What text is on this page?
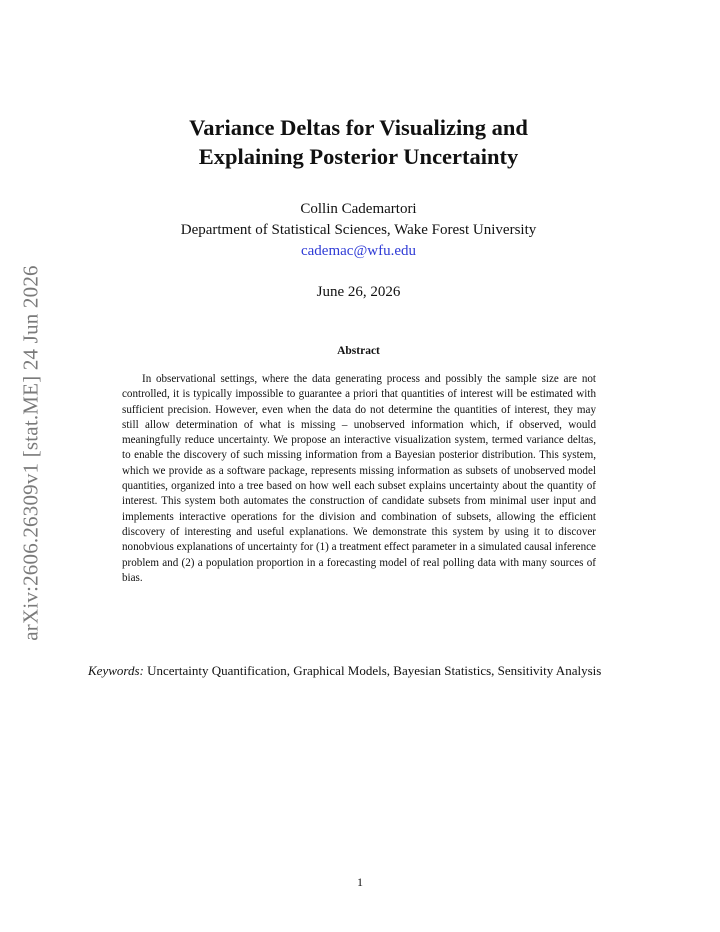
arXiv:2606.26309v1 [stat.ME] 24 Jun 2026
Variance Deltas for Visualizing and
Explaining Posterior Uncertainty
Collin Cademartori
Department of Statistical Sciences, Wake Forest University
cademac@wfu.edu
June 26, 2026
Abstract

In observational settings, where the data generating process and possibly the sample size are not controlled, it is typically impossible to guarantee a priori that quantities of interest will be estimated with sufficient precision. However, even when the data do not determine the quantities of interest, they may still allow determination of what is missing – unobserved information which, if observed, would meaningfully reduce uncertainty. We propose an interactive visualization system, termed variance deltas, to enable the discovery of such missing information from a Bayesian posterior distribution. This system, which we provide as a software package, represents missing information as subsets of unobserved model quantities, organized into a tree based on how well each subset explains uncertainty about the quantity of interest. This system both automates the construction of candidate subsets from minimal user input and implements interactive operations for the division and combination of subsets, allowing the efficient discovery of interesting and useful explanations. We demonstrate this system by using it to discover nonobvious explanations of uncertainty for (1) a treatment effect parameter in a simulated causal inference problem and (2) a population proportion in a forecasting model of real polling data with many sources of bias.

Keywords: Uncertainty Quantification, Graphical Models, Bayesian Statistics, Sensitivity Analysis

1
